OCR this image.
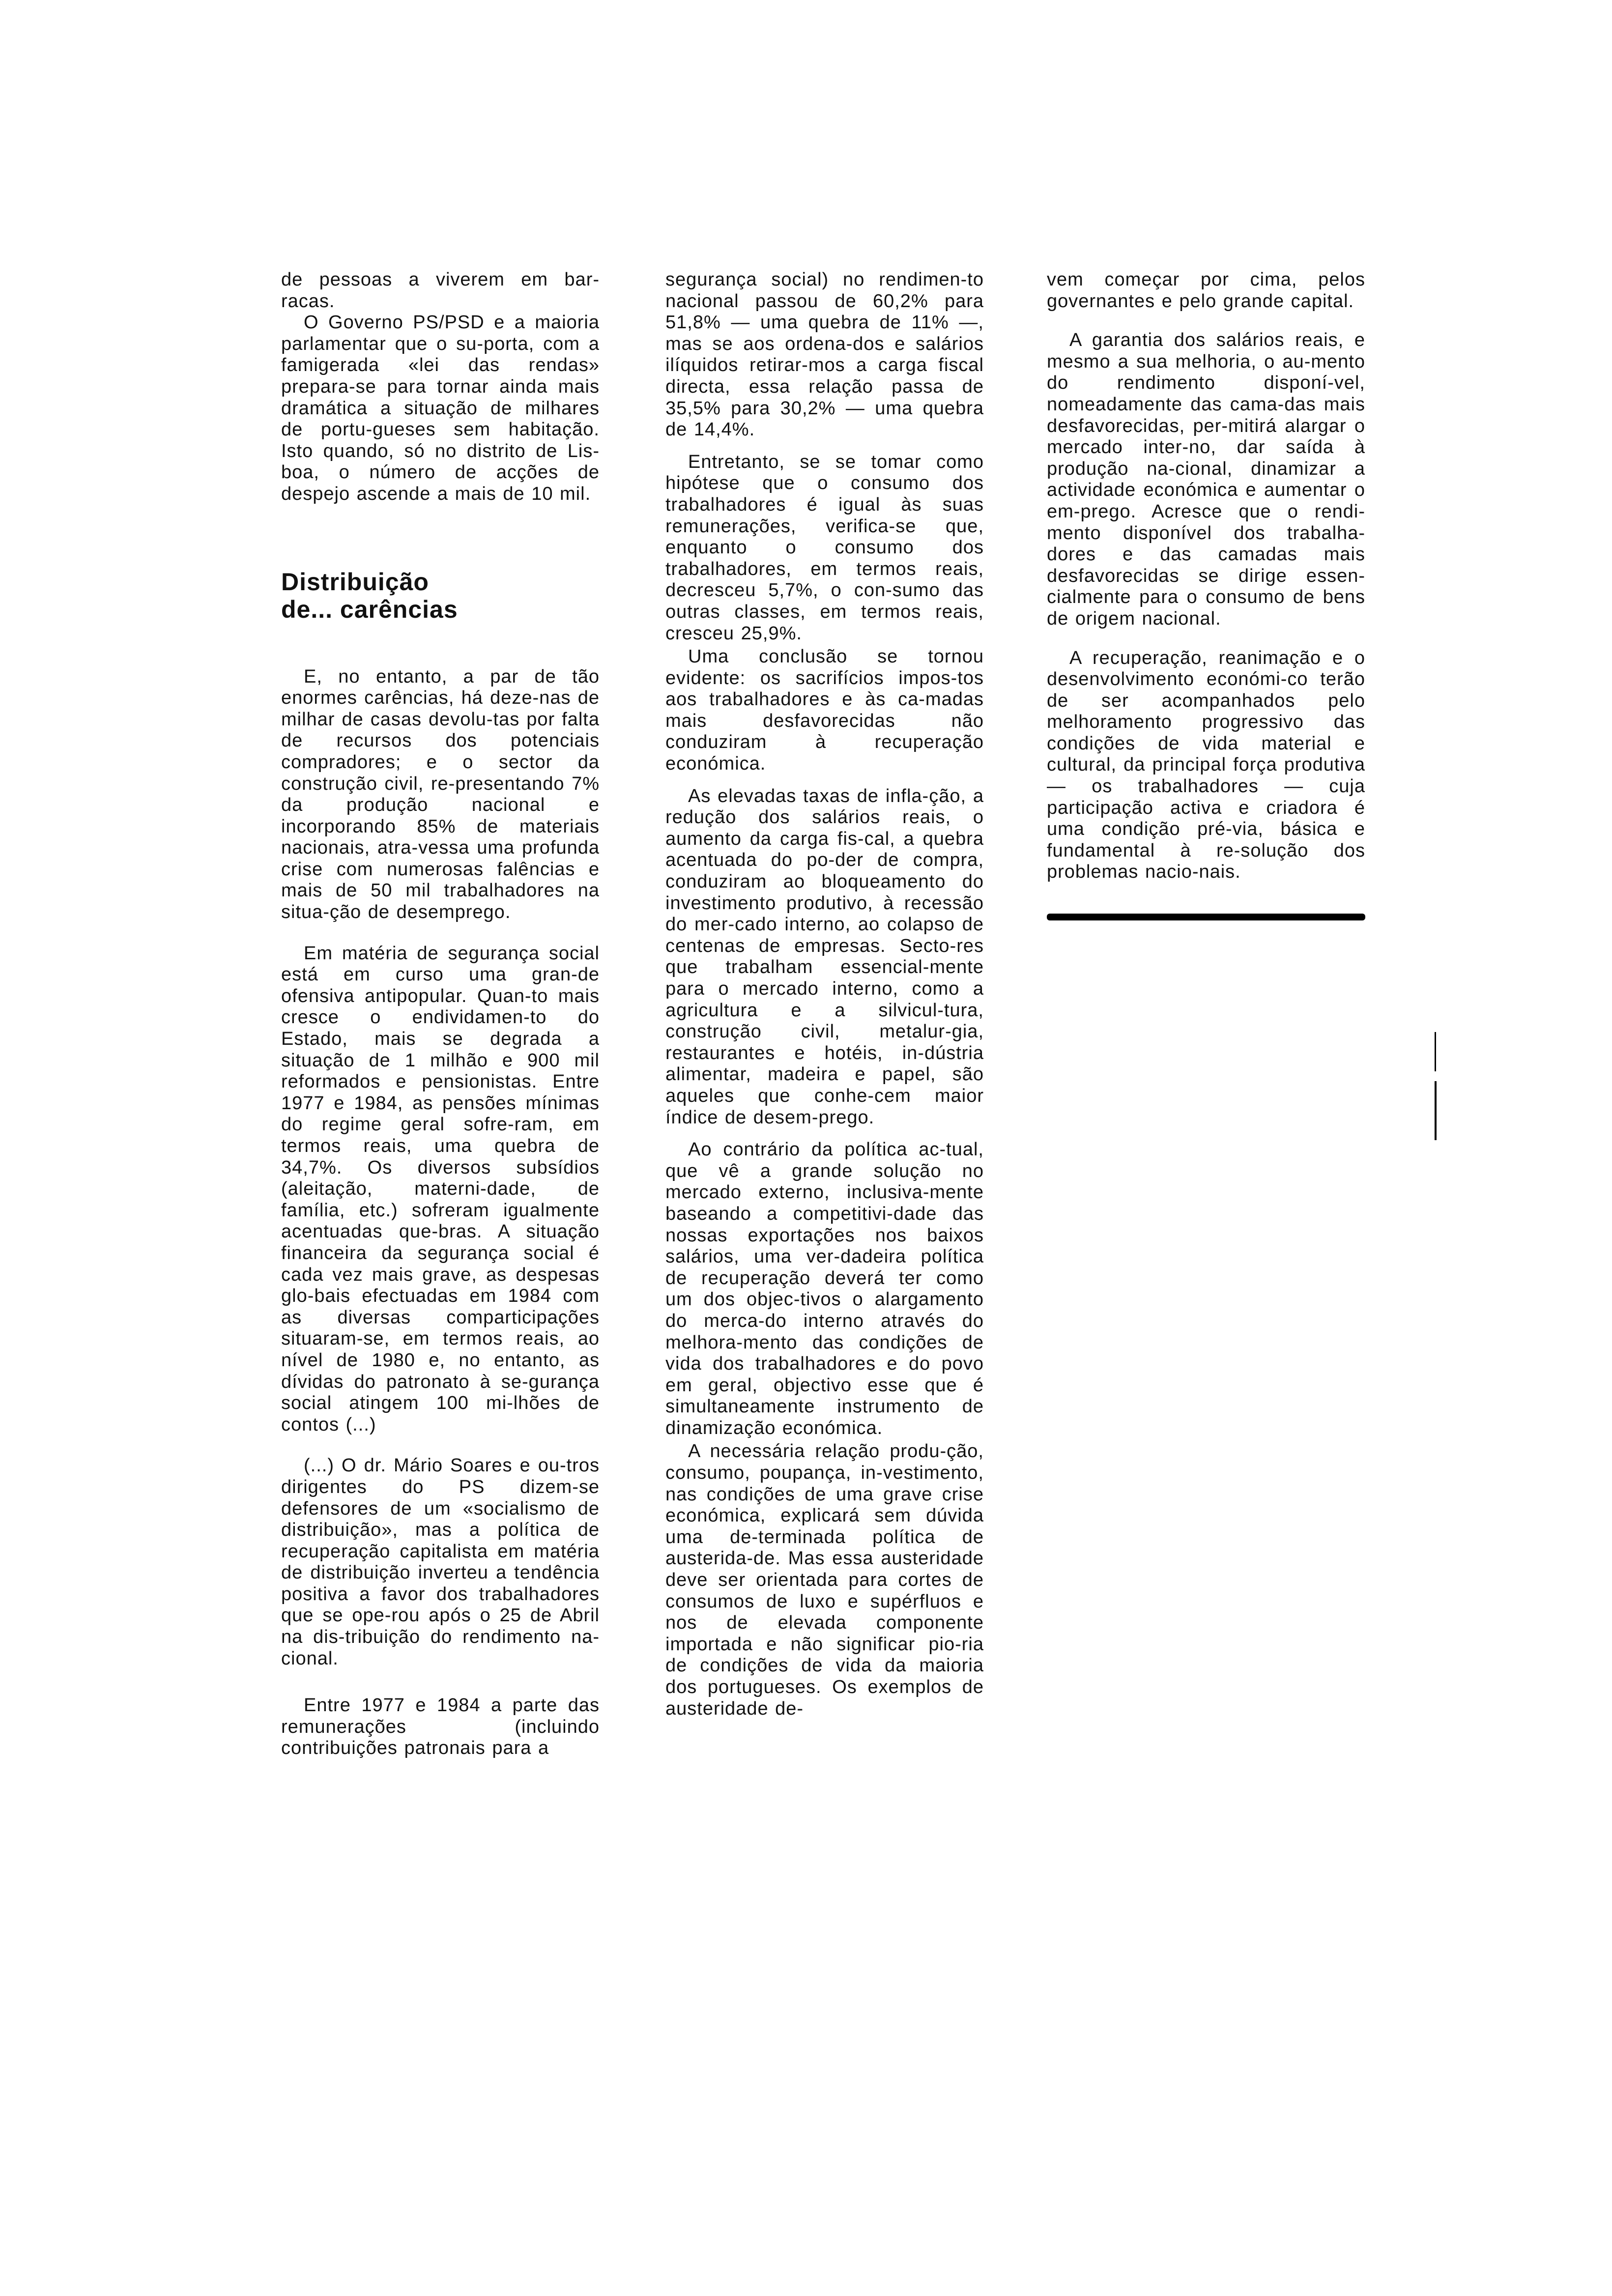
de pessoas a viverem em bar-racas.

O Governo PS/PSD e a maioria parlamentar que o su-porta, com a famigerada «lei das rendas» prepara-se para tornar ainda mais dramática a situação de milhares de portu-gueses sem habitação. Isto quando, só no distrito de Lis-boa, o número de acções de despejo ascende a mais de 10 mil.

Distribuição
de... carências

E, no entanto, a par de tão enormes carências, há deze-nas de milhar de casas devolu-tas por falta de recursos dos potenciais compradores; e o sector da construção civil, re-presentando 7% da produção nacional e incorporando 85% de materiais nacionais, atra-vessa uma profunda crise com numerosas falências e mais de 50 mil trabalhadores na situa-ção de desemprego.

Em matéria de segurança social está em curso uma gran-de ofensiva antipopular. Quan-to mais cresce o endividamen-to do Estado, mais se degrada a situação de 1 milhão e 900 mil reformados e pensionistas. Entre 1977 e 1984, as pensões mínimas do regime geral sofre-ram, em termos reais, uma quebra de 34,7%. Os diversos subsídios (aleitação, materni-dade, de família, etc.) sofreram igualmente acentuadas que-bras. A situação financeira da segurança social é cada vez mais grave, as despesas glo-bais efectuadas em 1984 com as diversas comparticipações situaram-se, em termos reais, ao nível de 1980 e, no entanto, as dívidas do patronato à se-gurança social atingem 100 mi-lhões de contos (...)

(...) O dr. Mário Soares e ou-tros dirigentes do PS dizem-se defensores de um «socialismo de distribuição», mas a política de recuperação capitalista em matéria de distribuição inverteu a tendência positiva a favor dos trabalhadores que se ope-rou após o 25 de Abril na dis-tribuição do rendimento na-cional.

Entre 1977 e 1984 a parte das remunerações (incluindo contribuições patronais para a

segurança social) no rendimen-to nacional passou de 60,2% para 51,8% — uma quebra de 11% —, mas se aos ordena-dos e salários ilíquidos retirar-mos a carga fiscal directa, essa relação passa de 35,5% para 30,2% — uma quebra de 14,4%.

Entretanto, se se tomar como hipótese que o consumo dos trabalhadores é igual às suas remunerações, verifica-se que, enquanto o consumo dos trabalhadores, em termos reais, decresceu 5,7%, o con-sumo das outras classes, em termos reais, cresceu 25,9%.

Uma conclusão se tornou evidente: os sacrifícios impos-tos aos trabalhadores e às ca-madas mais desfavorecidas não conduziram à recuperação económica.

As elevadas taxas de infla-ção, a redução dos salários reais, o aumento da carga fis-cal, a quebra acentuada do po-der de compra, conduziram ao bloqueamento do investimento produtivo, à recessão do mer-cado interno, ao colapso de centenas de empresas. Secto-res que trabalham essencial-mente para o mercado interno, como a agricultura e a silvicul-tura, construção civil, metalur-gia, restaurantes e hotéis, in-dústria alimentar, madeira e papel, são aqueles que conhe-cem maior índice de desem-prego.

Ao contrário da política ac-tual, que vê a grande solução no mercado externo, inclusiva-mente baseando a competitivi-dade das nossas exportações nos baixos salários, uma ver-dadeira política de recuperação deverá ter como um dos objec-tivos o alargamento do merca-do interno através do melhora-mento das condições de vida dos trabalhadores e do povo em geral, objectivo esse que é simultaneamente instrumento de dinamização económica.

A necessária relação produ-ção, consumo, poupança, in-vestimento, nas condições de uma grave crise económica, explicará sem dúvida uma de-terminada política de austerida-de. Mas essa austeridade deve ser orientada para cortes de consumos de luxo e supérfluos e nos de elevada componente importada e não significar pio-ria de condições de vida da maioria dos portugueses. Os exemplos de austeridade de-

vem começar por cima, pelos governantes e pelo grande capital.

A garantia dos salários reais, e mesmo a sua melhoria, o au-mento do rendimento disponí-vel, nomeadamente das cama-das mais desfavorecidas, per-mitirá alargar o mercado inter-no, dar saída à produção na-cional, dinamizar a actividade económica e aumentar o em-prego. Acresce que o rendi-mento disponível dos trabalha-dores e das camadas mais desfavorecidas se dirige essen-cialmente para o consumo de bens de origem nacional.

A recuperação, reanimação e o desenvolvimento económi-co terão de ser acompanhados pelo melhoramento progressivo das condições de vida material e cultural, da principal força produtiva — os trabalhadores — cuja participação activa e criadora é uma condição pré-via, básica e fundamental à re-solução dos problemas nacio-nais.
